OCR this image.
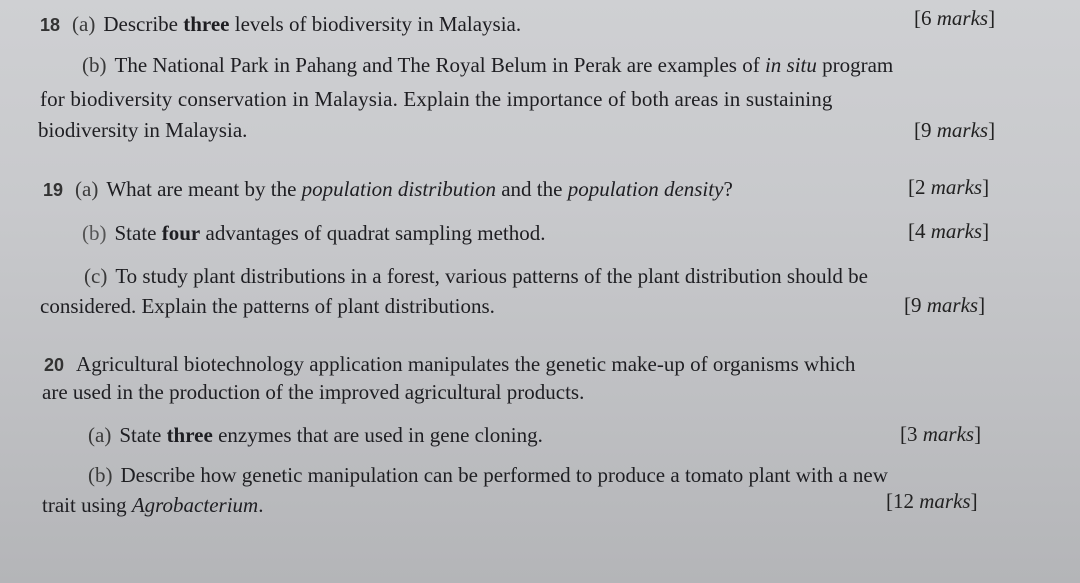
18 (a) Describe three levels of biodiversity in Malaysia.	[6 marks]
(b) The National Park in Pahang and The Royal Belum in Perak are examples of in situ program
for biodiversity conservation in Malaysia. Explain the importance of both areas in sustaining
biodiversity in Malaysia.	[9 marks]
19 (a) What are meant by the population distribution and the population density?	[2 marks]
(b) State four advantages of quadrat sampling method.	[4 marks]
(c) To study plant distributions in a forest, various patterns of the plant distribution should be
considered. Explain the patterns of plant distributions.	[9 marks]
20 Agricultural biotechnology application manipulates the genetic make-up of organisms which
are used in the production of the improved agricultural products.
(a) State three enzymes that are used in gene cloning.	[3 marks]
(b) Describe how genetic manipulation can be performed to produce a tomato plant with a new
trait using Agrobacterium.	[12 marks]
